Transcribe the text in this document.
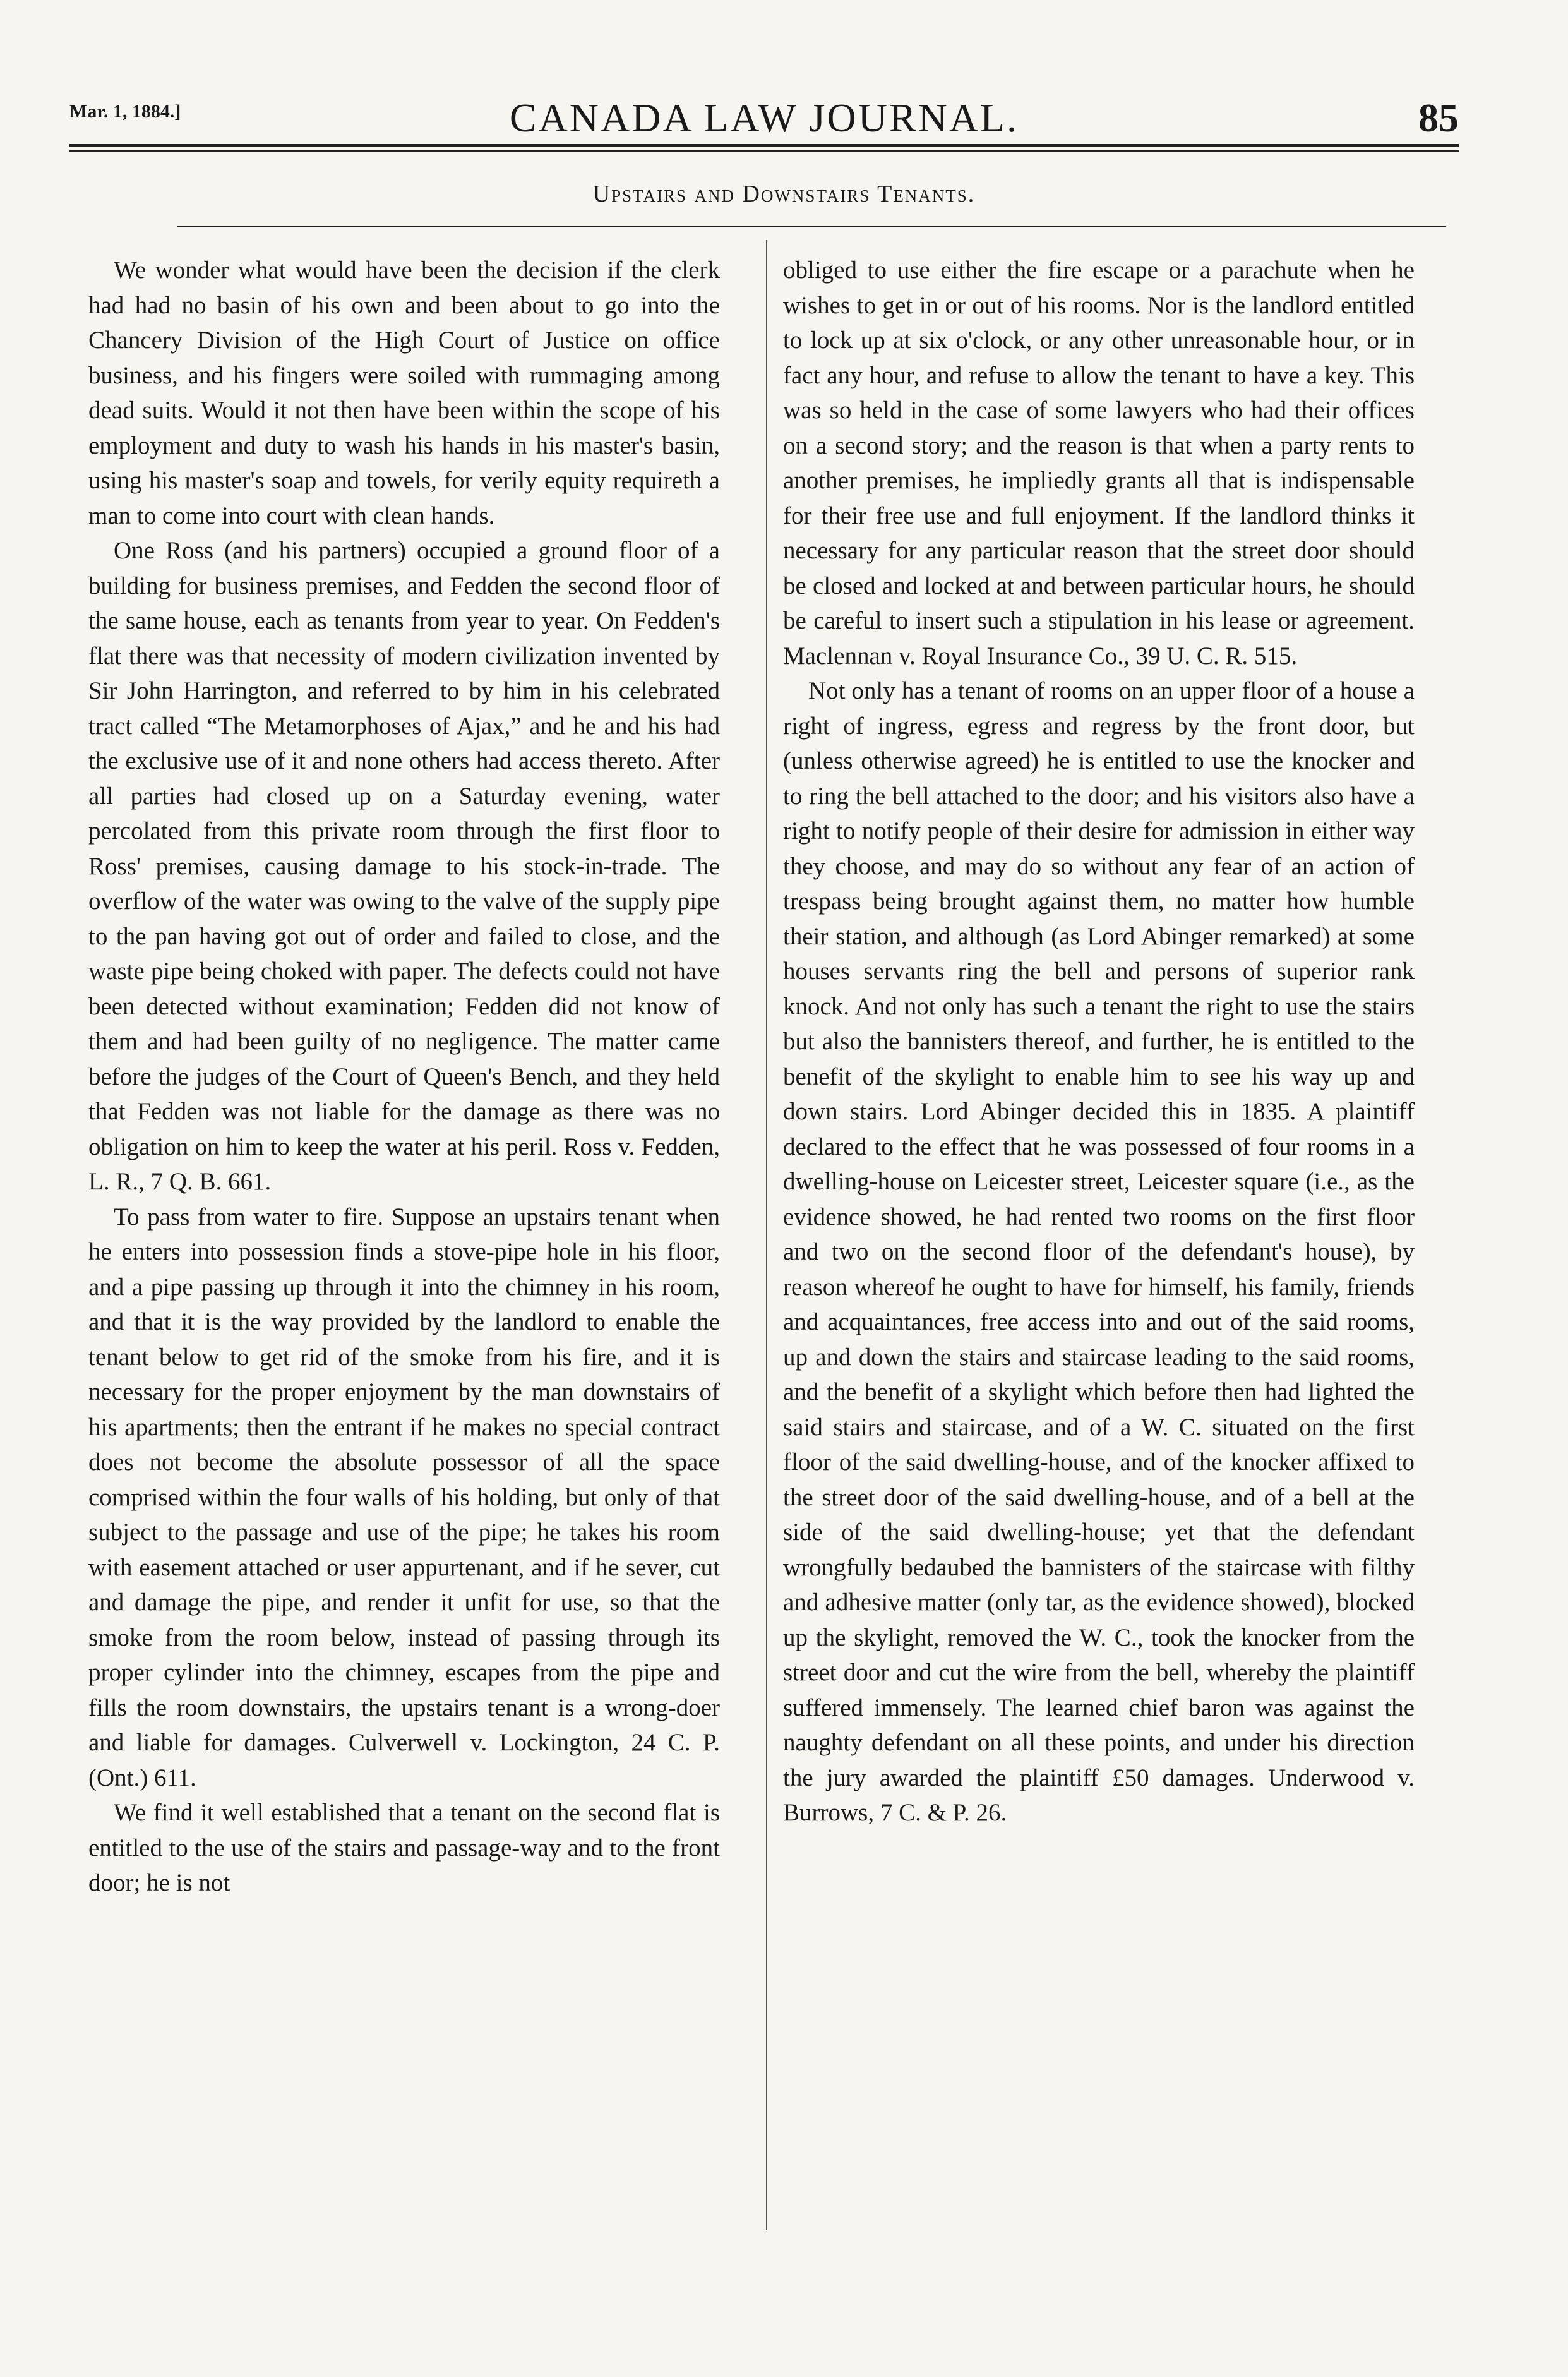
Mar. 1, 1884.]	CANADA LAW JOURNAL.	85
Upstairs and Downstairs Tenants.

We wonder what would have been the decision if the clerk had had no basin of his own and been about to go into the Chancery Division of the High Court of Justice on office business, and his fingers were soiled with rummaging among dead suits. Would it not then have been within the scope of his employment and duty to wash his hands in his master's basin, using his master's soap and towels, for verily equity requireth a man to come into court with clean hands.

One Ross (and his partners) occupied a ground floor of a building for business premises, and Fedden the second floor of the same house, each as tenants from year to year. On Fedden's flat there was that necessity of modern civilization invented by Sir John Harrington, and referred to by him in his celebrated tract called “The Metamorphoses of Ajax,” and he and his had the exclusive use of it and none others had access thereto. After all parties had closed up on a Saturday evening, water percolated from this private room through the first floor to Ross' premises, causing damage to his stock-in-trade. The overflow of the water was owing to the valve of the supply pipe to the pan having got out of order and failed to close, and the waste pipe being choked with paper. The defects could not have been detected without examination; Fedden did not know of them and had been guilty of no negligence. The matter came before the judges of the Court of Queen's Bench, and they held that Fedden was not liable for the damage as there was no obligation on him to keep the water at his peril. Ross v. Fedden, L. R., 7 Q. B. 661.

To pass from water to fire. Suppose an upstairs tenant when he enters into possession finds a stove-pipe hole in his floor, and a pipe passing up through it into the chimney in his room, and that it is the way provided by the landlord to enable the tenant below to get rid of the smoke from his fire, and it is necessary for the proper enjoyment by the man downstairs of his apartments; then the entrant if he makes no special contract does not become the absolute possessor of all the space comprised within the four walls of his holding, but only of that subject to the passage and use of the pipe; he takes his room with easement attached or user appurtenant, and if he sever, cut and damage the pipe, and render it unfit for use, so that the smoke from the room below, instead of passing through its proper cylinder into the chimney, escapes from the pipe and fills the room downstairs, the upstairs tenant is a wrong-doer and liable for damages. Culverwell v. Lockington, 24 C. P. (Ont.) 611.

We find it well established that a tenant on the second flat is entitled to the use of the stairs and passage-way and to the front door; he is not

obliged to use either the fire escape or a parachute when he wishes to get in or out of his rooms. Nor is the landlord entitled to lock up at six o'clock, or any other unreasonable hour, or in fact any hour, and refuse to allow the tenant to have a key. This was so held in the case of some lawyers who had their offices on a second story; and the reason is that when a party rents to another premises, he impliedly grants all that is indispensable for their free use and full enjoyment. If the landlord thinks it necessary for any particular reason that the street door should be closed and locked at and between particular hours, he should be careful to insert such a stipulation in his lease or agreement. Maclennan v. Royal Insurance Co., 39 U. C. R. 515.

Not only has a tenant of rooms on an upper floor of a house a right of ingress, egress and regress by the front door, but (unless otherwise agreed) he is entitled to use the knocker and to ring the bell attached to the door; and his visitors also have a right to notify people of their desire for admission in either way they choose, and may do so without any fear of an action of trespass being brought against them, no matter how humble their station, and although (as Lord Abinger remarked) at some houses servants ring the bell and persons of superior rank knock. And not only has such a tenant the right to use the stairs but also the bannisters thereof, and further, he is entitled to the benefit of the skylight to enable him to see his way up and down stairs. Lord Abinger decided this in 1835. A plaintiff declared to the effect that he was possessed of four rooms in a dwelling-house on Leicester street, Leicester square (i.e., as the evidence showed, he had rented two rooms on the first floor and two on the second floor of the defendant's house), by reason whereof he ought to have for himself, his family, friends and acquaintances, free access into and out of the said rooms, up and down the stairs and staircase leading to the said rooms, and the benefit of a skylight which before then had lighted the said stairs and staircase, and of a W. C. situated on the first floor of the said dwelling-house, and of the knocker affixed to the street door of the said dwelling-house, and of a bell at the side of the said dwelling-house; yet that the defendant wrongfully bedaubed the bannisters of the staircase with filthy and adhesive matter (only tar, as the evidence showed), blocked up the skylight, removed the W. C., took the knocker from the street door and cut the wire from the bell, whereby the plaintiff suffered immensely. The learned chief baron was against the naughty defendant on all these points, and under his direction the jury awarded the plaintiff £50 damages. Underwood v. Burrows, 7 C. & P. 26.
